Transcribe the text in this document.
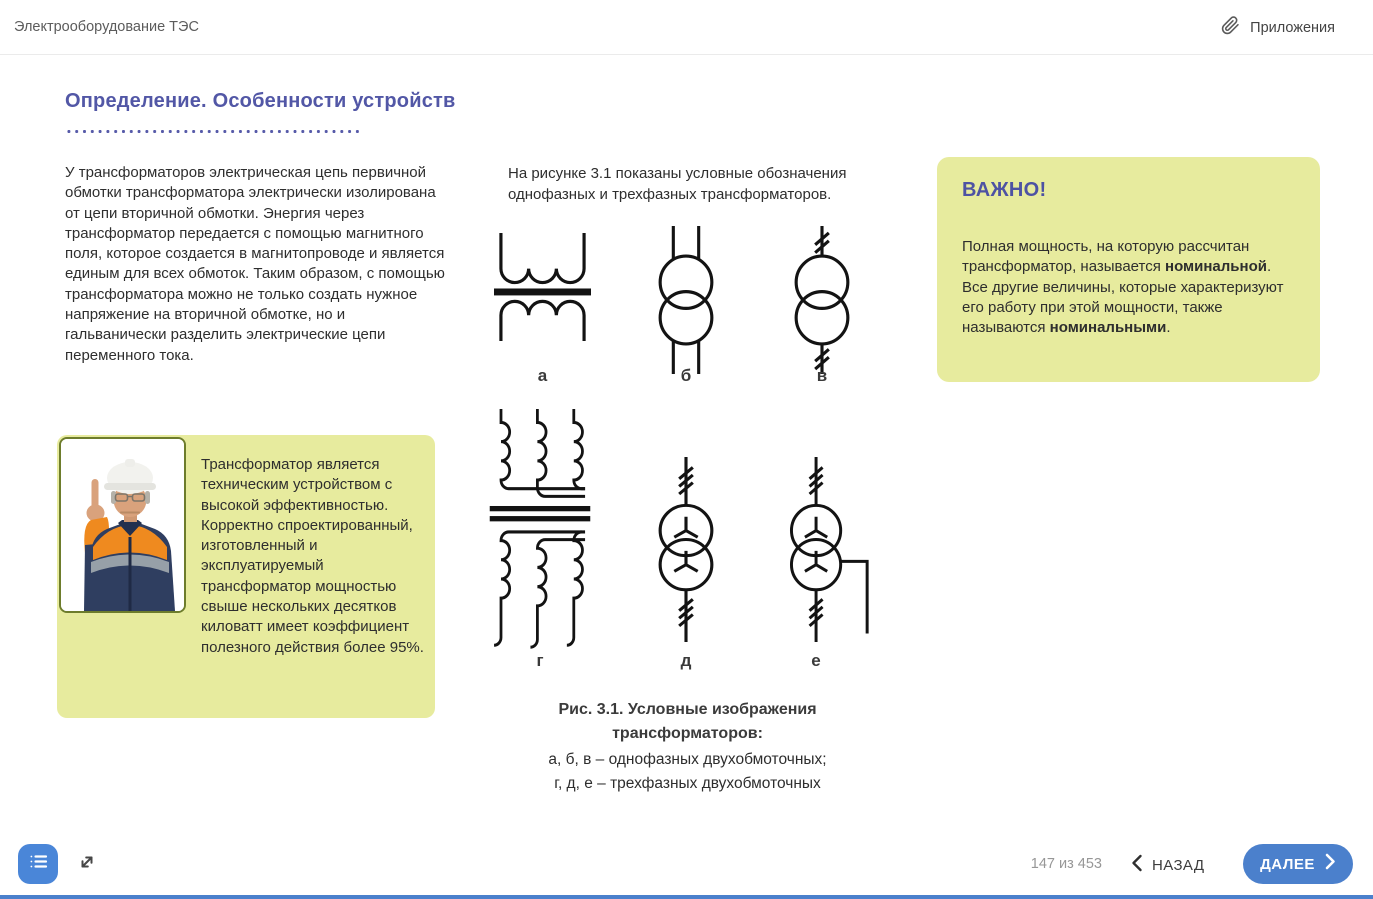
Электрооборудование ТЭС	Приложения
Определение. Особенности устройств
У трансформаторов электрическая цепь первичной обмотки трансформатора электрически изолирована от цепи вторичной обмотки. Энергия через трансформатор передается с помощью магнитного поля, которое создается в магнитопроводе и является единым для всех обмоток. Таким образом, с помощью трансформатора можно не только создать нужное напряжение на вторичной обмотке, но и гальванически разделить электрические цепи переменного тока.
Трансформатор является техническим устройством с высокой эффективностью. Корректно спроектированный, изготовленный и эксплуатируемый трансформатор мощностью свыше нескольких десятков киловатт имеет коэффициент полезного действия более 95%.
На рисунке 3.1 показаны условные обозначения однофазных и трехфазных трансформаторов.
а	б	в
г	д	е
Рис. 3.1. Условные изображения
трансформаторов:
а, б, в – однофазных двухобмоточных;
г, д, е – трехфазных двухобмоточных
ВАЖНО!
Полная мощность, на которую рассчитан трансформатор, называется номинальной. Все другие величины, которые характеризуют его работу при этой мощности, также называются номинальными.
147 из 453	НАЗАД	ДАЛЕЕ
